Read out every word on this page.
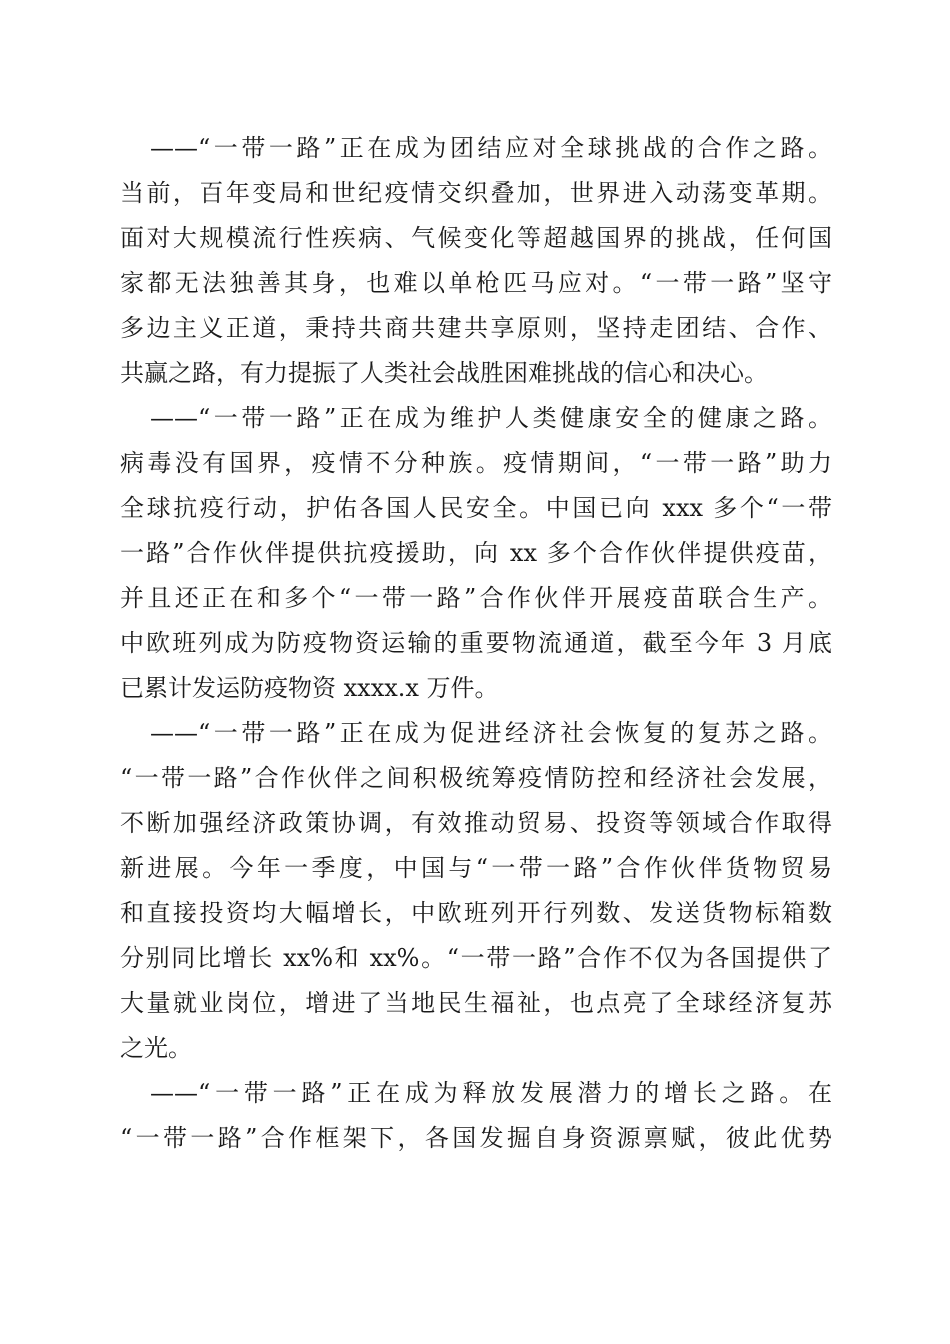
——“一带一路”正在成为团结应对全球挑战的合作之路。
当前，百年变局和世纪疫情交织叠加，世界进入动荡变革期。
面对大规模流行性疾病、气候变化等超越国界的挑战，任何国
家都无法独善其身，也难以单枪匹马应对。“一带一路”坚守
多边主义正道，秉持共商共建共享原则，坚持走团结、合作、
共赢之路，有力提振了人类社会战胜困难挑战的信心和决心。
——“一带一路”正在成为维护人类健康安全的健康之路。
病毒没有国界，疫情不分种族。疫情期间，“一带一路”助力
全球抗疫行动，护佑各国人民安全。中国已向 xxx 多个“一带
一路”合作伙伴提供抗疫援助，向 xx 多个合作伙伴提供疫苗，
并且还正在和多个“一带一路”合作伙伴开展疫苗联合生产。
中欧班列成为防疫物资运输的重要物流通道，截至今年 3 月底
已累计发运防疫物资 xxxx.x 万件。
——“一带一路”正在成为促进经济社会恢复的复苏之路。
“一带一路”合作伙伴之间积极统筹疫情防控和经济社会发展，
不断加强经济政策协调，有效推动贸易、投资等领域合作取得
新进展。今年一季度，中国与“一带一路”合作伙伴货物贸易
和直接投资均大幅增长，中欧班列开行列数、发送货物标箱数
分别同比增长 xx%和 xx%。“一带一路”合作不仅为各国提供了
大量就业岗位，增进了当地民生福祉，也点亮了全球经济复苏
之光。
——“一带一路”正在成为释放发展潜力的增长之路。在
“一带一路”合作框架下，各国发掘自身资源禀赋，彼此优势
